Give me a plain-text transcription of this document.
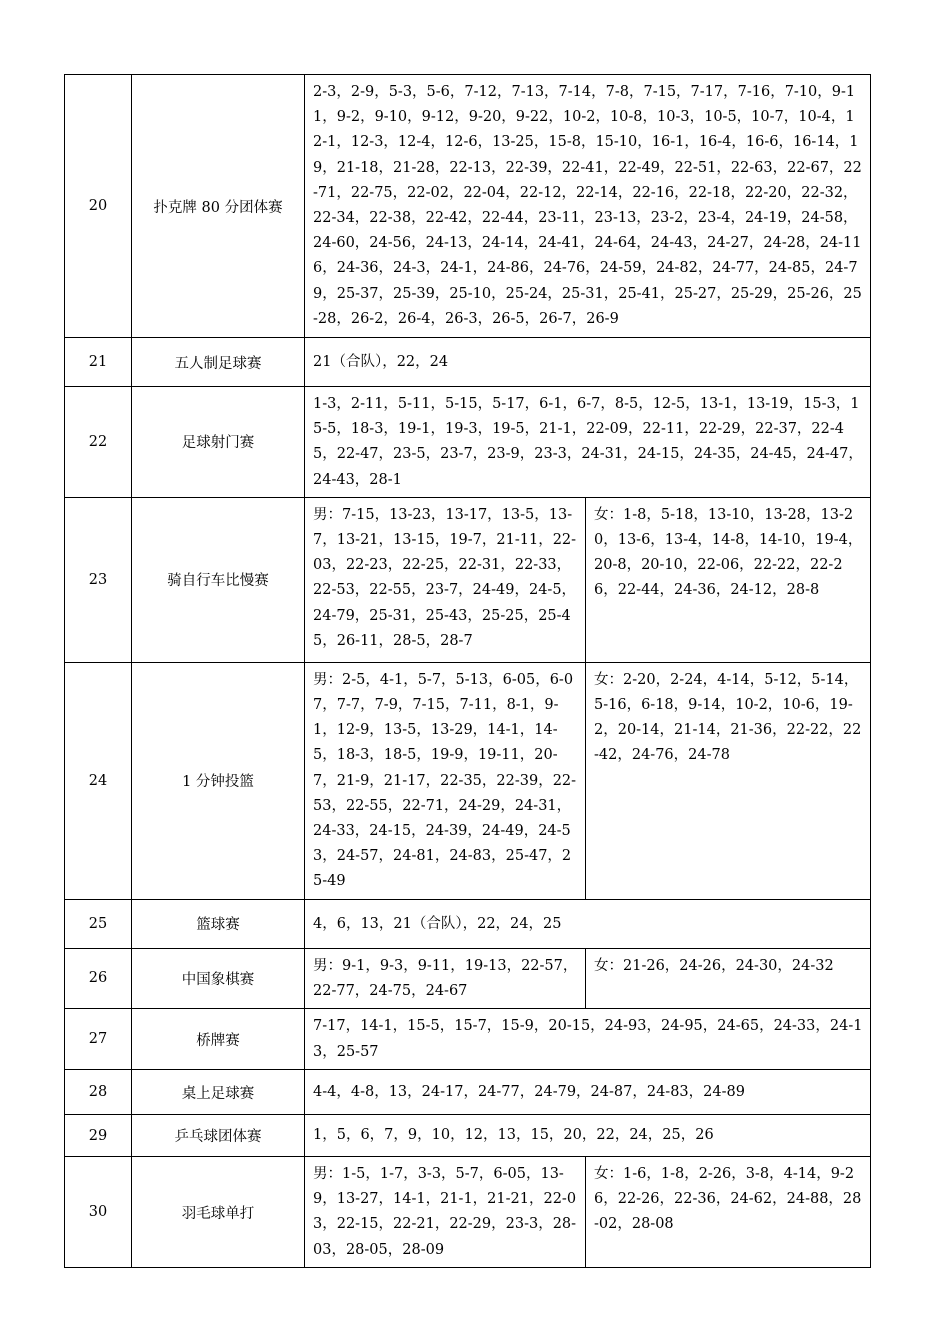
20	扑克牌 80 分团体赛	2-3，2-9，5-3，5-6，7-12，7-13，7-14，7-8，7-15，7-17，7-16，7-10，9-11，9-2，9-10，9-12，9-20，9-22，10-2，10-8，10-3，10-5，10-7，10-4，12-1，12-3，12-4，12-6，13-25，15-8，15-10，16-1，16-4，16-6，16-14，19，21-18，21-28，22-13，22-39，22-41，22-49，22-51，22-63，22-67，22-71，22-75，22-02，22-04，22-12，22-14，22-16，22-18，22-20，22-32，22-34，22-38，22-42，22-44，23-11，23-13，23-2，23-4，24-19，24-58，24-60，24-56，24-13，24-14，24-41，24-64，24-43，24-27，24-28，24-116，24-36，24-3，24-1，24-86，24-76，24-59，24-82，24-77，24-85，24-79，25-37，25-39，25-10，25-24，25-31，25-41，25-27，25-29，25-26，25-28，26-2，26-4，26-3，26-5，26-7，26-9	
21	五人制足球赛	21（合队），22，24	
22	足球射门赛	1-3，2-11，5-11，5-15，5-17，6-1，6-7，8-5，12-5，13-1，13-19，15-3，15-5，18-3，19-1，19-3，19-5，21-1，22-09，22-11，22-29，22-37，22-45，22-47，23-5，23-7，23-9，23-3，24-31，24-15，24-35，24-45，24-47，24-43，28-1	
23	骑自行车比慢赛	男：7-15，13-23，13-17，13-5，13-7，13-21，13-15，19-7，21-11，22-03，22-23，22-25，22-31，22-33，22-53，22-55，23-7，24-49，24-5，24-79，25-31，25-43，25-25，25-45，26-11，28-5，28-7	女：1-8，5-18，13-10，13-28，13-20，13-6，13-4，14-8，14-10，19-4，20-8，20-10，22-06，22-22，22-26，22-44，24-36，24-12，28-8
24	1 分钟投篮	男：2-5，4-1，5-7，5-13，6-05，6-07，7-7，7-9，7-15，7-11，8-1，9-1，12-9，13-5，13-29，14-1，14-5，18-3，18-5，19-9，19-11，20-7，21-9，21-17，22-35，22-39，22-53，22-55，22-71，24-29，24-31，24-33，24-15，24-39，24-49，24-53，24-57，24-81，24-83，25-47，25-49	女：2-20，2-24，4-14，5-12，5-14，5-16，6-18，9-14，10-2，10-6，19-2，20-14，21-14，21-36，22-22，22-42，24-76，24-78
25	篮球赛	4，6，13，21（合队），22，24，25	
26	中国象棋赛	男：9-1，9-3，9-11，19-13，22-57，22-77，24-75，24-67	女：21-26，24-26，24-30，24-32
27	桥牌赛	7-17，14-1，15-5，15-7，15-9，20-15，24-93，24-95，24-65，24-33，24-13，25-57	
28	桌上足球赛	4-4，4-8，13，24-17，24-77，24-79，24-87，24-83，24-89	
29	乒乓球团体赛	1，5，6，7，9，10，12，13，15，20，22，24，25，26	
30	羽毛球单打	男：1-5，1-7，3-3，5-7，6-05，13-9，13-27，14-1，21-1，21-21，22-03，22-15，22-21，22-29，23-3，28-03，28-05，28-09	女：1-6，1-8，2-26，3-8，4-14，9-26，22-26，22-36，24-62，24-88，28-02，28-08
